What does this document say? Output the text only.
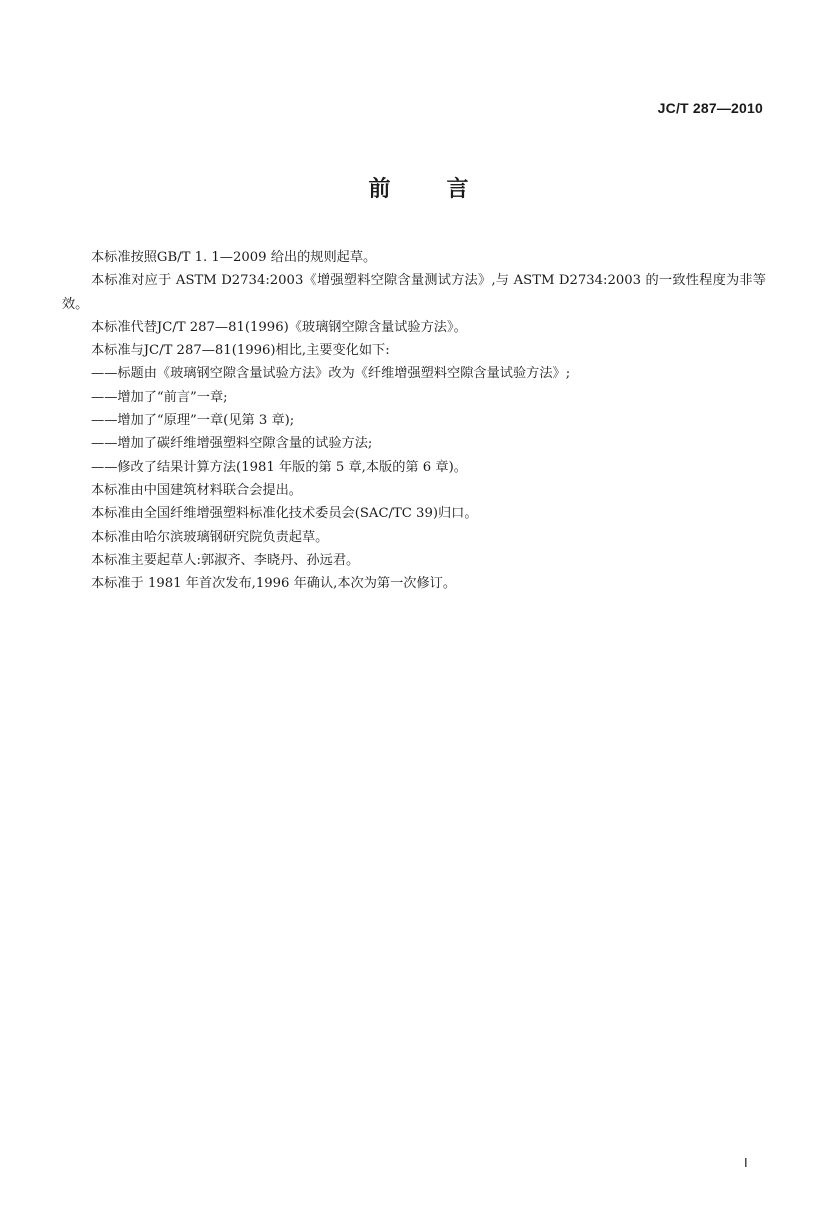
JC/T 287—2010
前言

本标准按照GB/T 1. 1—2009 给出的规则起草。

本标准对应于 ASTM D2734:2003《增强塑料空隙含量测试方法》,与 ASTM D2734:2003 的一致性程度为非等效。

本标准代替JC/T 287—81(1996)《玻璃钢空隙含量试验方法》。

本标准与JC/T 287—81(1996)相比,主要变化如下:

——标题由《玻璃钢空隙含量试验方法》改为《纤维增强塑料空隙含量试验方法》;

——增加了“前言”一章;

——增加了“原理”一章(见第 3 章);

——增加了碳纤维增强塑料空隙含量的试验方法;

——修改了结果计算方法(1981 年版的第 5 章,本版的第 6 章)。

本标准由中国建筑材料联合会提出。

本标准由全国纤维增强塑料标准化技术委员会(SAC/TC 39)归口。

本标准由哈尔滨玻璃钢研究院负责起草。

本标准主要起草人:郭淑齐、李晓丹、孙远君。

本标准于 1981 年首次发布,1996 年确认,本次为第一次修订。

I
